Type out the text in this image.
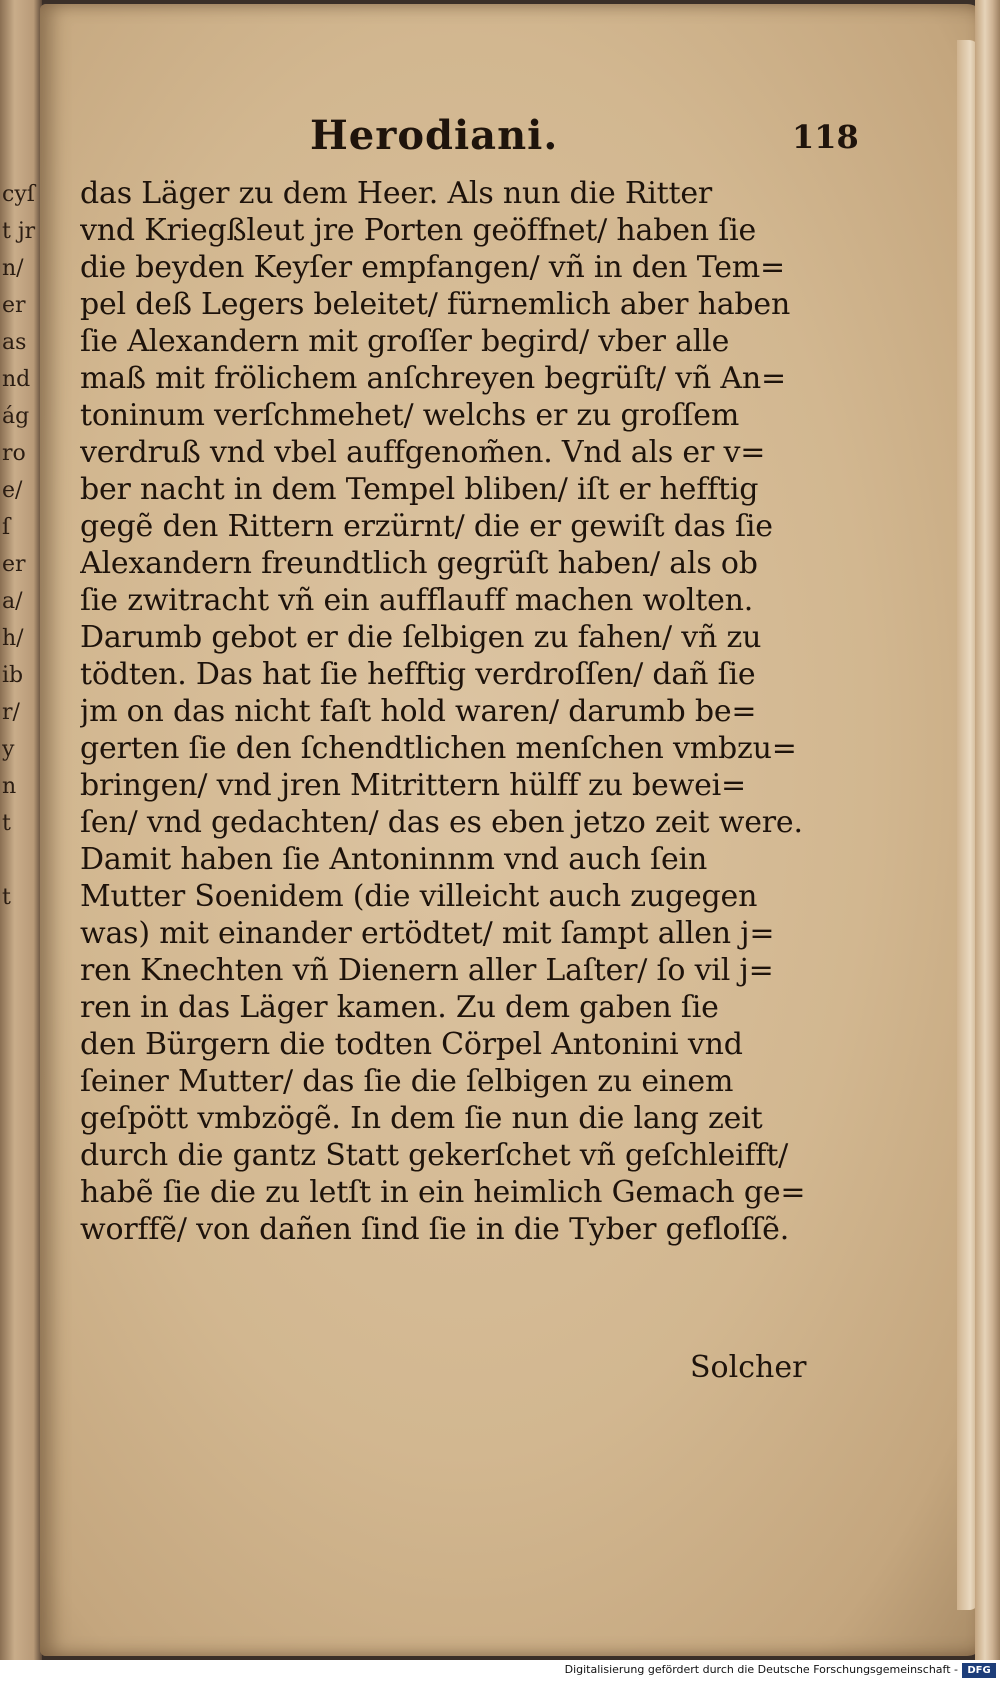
cyſ
t jr
n/
er
as
nd
ág
ro
e/
ſ
er
a/
h/
ib
r/
y
n
t
t
Herodiani.	118
das Läger zu dem Heer. Als nun die Ritter
vnd Kriegßleut jre Porten geöffnet/ haben ſie
die beyden Keyſer empfangen/ vñ in den Tem=
pel deß Legers beleitet/ fürnemlich aber haben
ſie Alexandern mit groſſer begird/ vber alle
maß mit frölichem anſchreyen begrüſt/ vñ An=
toninum verſchmehet/ welchs er zu groſſem
verdruß vnd vbel auffgenom̃en. Vnd als er v=
ber nacht in dem Tempel bliben/ iſt er hefftig
gegẽ den Rittern erzürnt/ die er gewiſt das ſie
Alexandern freundtlich gegrüſt haben/ als ob
ſie zwitracht vñ ein aufflauff machen wolten.
Darumb gebot er die ſelbigen zu fahen/ vñ zu
tödten. Das hat ſie hefftig verdroſſen/ dañ ſie
jm on das nicht faſt hold waren/ darumb be=
gerten ſie den ſchendtlichen menſchen vmbzu=
bringen/ vnd jren Mitrittern hülff zu bewei=
ſen/ vnd gedachten/ das es eben jetzo zeit were.
Damit haben ſie Antoninnm vnd auch ſein
Mutter Soenidem (die villeicht auch zugegen
was) mit einander ertödtet/ mit ſampt allen j=
ren Knechten vñ Dienern aller Laſter/ ſo vil j=
ren in das Läger kamen. Zu dem gaben ſie
den Bürgern die todten Cörpel Antonini vnd
ſeiner Mutter/ das ſie die ſelbigen zu einem
geſpött vmbzögẽ. In dem ſie nun die lang zeit
durch die gantz Statt gekerſchet vñ geſchleifft/
habẽ ſie die zu letſt in ein heimlich Gemach ge=
worffẽ/ von dañen ſind ſie in die Tyber gefloſſẽ.
Solcher
Digitalisierung gefördert durch die Deutsche Forschungsgemeinschaft - DFG
